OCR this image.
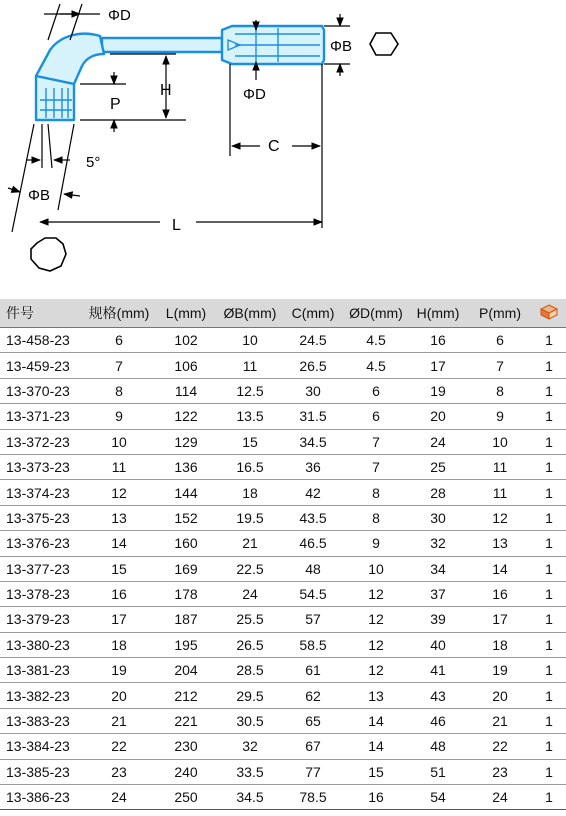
ΦD
ΦB
ΦD
H
P
C
5°
ΦB
L
件号	规格(mm)	L(mm)	ØB(mm)	C(mm)	ØD(mm)	H(mm)	P(mm)	
13-458-23	6	102	10	24.5	4.5	16	6	1
13-459-23	7	106	11	26.5	4.5	17	7	1
13-370-23	8	114	12.5	30	6	19	8	1
13-371-23	9	122	13.5	31.5	6	20	9	1
13-372-23	10	129	15	34.5	7	24	10	1
13-373-23	11	136	16.5	36	7	25	11	1
13-374-23	12	144	18	42	8	28	11	1
13-375-23	13	152	19.5	43.5	8	30	12	1
13-376-23	14	160	21	46.5	9	32	13	1
13-377-23	15	169	22.5	48	10	34	14	1
13-378-23	16	178	24	54.5	12	37	16	1
13-379-23	17	187	25.5	57	12	39	17	1
13-380-23	18	195	26.5	58.5	12	40	18	1
13-381-23	19	204	28.5	61	12	41	19	1
13-382-23	20	212	29.5	62	13	43	20	1
13-383-23	21	221	30.5	65	14	46	21	1
13-384-23	22	230	32	67	14	48	22	1
13-385-23	23	240	33.5	77	15	51	23	1
13-386-23	24	250	34.5	78.5	16	54	24	1
